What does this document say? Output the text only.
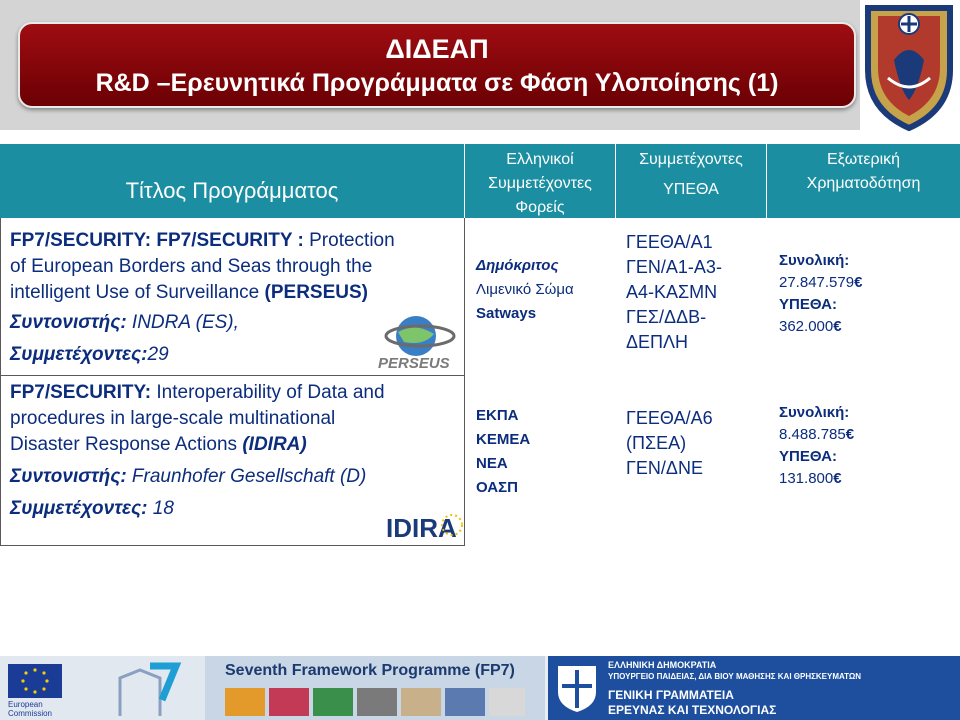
ΔΙΔΕΑΠ
R&D –Ερευνητικά Προγράμματα σε Φάση Υλοποίησης (1)
Τίτλος Προγράμματος
Ελληνικοί
Συμμετέχοντες
Φορείς
Συμμετέχοντες
ΥΠΕΘΑ
Εξωτερική
Χρηματοδότηση
FP7/SECURITY: FP7/SECURITY : Protection
of European Borders and Seas through the
intelligent Use of Surveillance (PERSEUS)
Συντονιστής: INDRA (ES),
Συμμετέχοντες:29	PERSEUS
Δημόκριτος
Λιμενικό Σώμα
Satways
ΓΕΕΘΑ/Α1
ΓΕΝ/Α1-Α3-
Α4-ΚΑΣΜΝ
ΓΕΣ/ΔΔΒ-
ΔΕΠΛΗ
Συνολική:
27.847.579€
ΥΠΕΘΑ:
362.000€
FP7/SECURITY: Interoperability of Data and
procedures in large-scale multinational
Disaster Response Actions (IDIRA)
Συντονιστής: Fraunhofer Gesellschaft (D)
Συμμετέχοντες: 18
IDIRA
ΕΚΠΑ
ΚΕΜΕΑ
ΝΕΑ
ΟΑΣΠ
ΓΕΕΘΑ/Α6
(ΠΣΕΑ)
ΓΕΝ/ΔΝΕ
Συνολική:
8.488.785€
ΥΠΕΘΑ:
131.800€
European Commission
Seventh Framework Programme (FP7)	ΕΛΛΗΝΙΚΗ ΔΗΜΟΚΡΑΤΙΑ
ΥΠΟΥΡΓΕΙΟ ΠΑΙΔΕΙΑΣ, ΔΙΑ ΒΙΟΥ ΜΑΘΗΣΗΣ ΚΑΙ ΘΡΗΣΚΕΥΜΑΤΩΝ
ΓΕΝΙΚΗ ΓΡΑΜΜΑΤΕΙΑ
ΕΡΕΥΝΑΣ ΚΑΙ ΤΕΧΝΟΛΟΓΙΑΣ
